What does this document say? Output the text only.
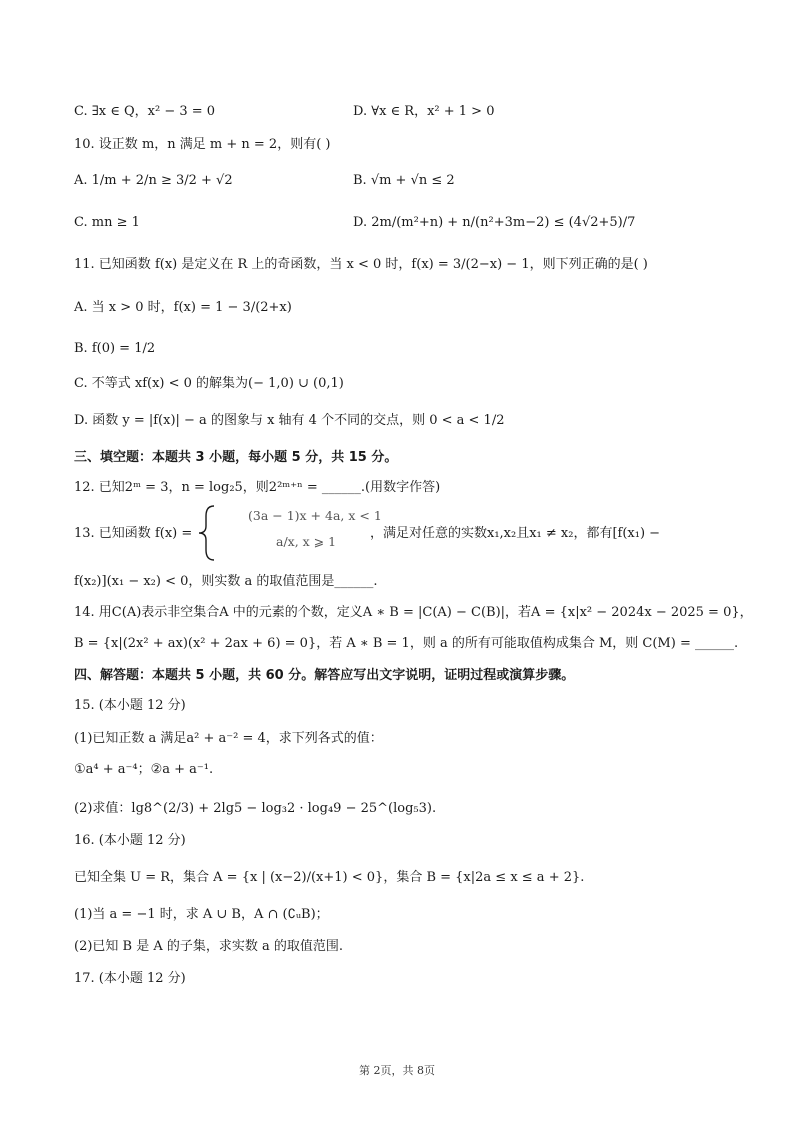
C. ∃x ∈ Q，x² − 3 = 0	D. ∀x ∈ R，x² + 1 > 0
10. 设正数 m，n 满足 m + n = 2，则有( )
A. 1/m + 2/n ≥ 3/2 + √2	B. √m + √n ≤ 2
C. mn ≥ 1	D. 2m/(m²+n) + n/(n²+3m−2) ≤ (4√2+5)/7
11. 已知函数 f(x) 是定义在 R 上的奇函数，当 x < 0 时，f(x) = 3/(2−x) − 1，则下列正确的是( )
A. 当 x > 0 时，f(x) = 1 − 3/(2+x)
B. f(0) = 1/2
C. 不等式 xf(x) < 0 的解集为(− 1,0) ∪ (0,1)
D. 函数 y = |f(x)| − a 的图象与 x 轴有 4 个不同的交点，则 0 < a < 1/2
三、填空题：本题共 3 小题，每小题 5 分，共 15 分。
12. 已知2ᵐ = 3，n = log₂5，则2²ᵐ⁺ⁿ = ______.(用数字作答)
13. 已知函数 f(x) =
(3a − 1)x + 4a, x < 1
a/x, x ⩾ 1
，满足对任意的实数x₁,x₂且x₁ ≠ x₂，都有[f(x₁) −
f(x₂)](x₁ − x₂) < 0，则实数 a 的取值范围是______.
14. 用C(A)表示非空集合A 中的元素的个数，定义A ∗ B = |C(A) − C(B)|，若A = {x|x² − 2024x − 2025 = 0}，
B = {x|(2x² + ax)(x² + 2ax + 6) = 0}，若 A ∗ B = 1，则 a 的所有可能取值构成集合 M，则 C(M) = ______.
四、解答题：本题共 5 小题，共 60 分。解答应写出文字说明，证明过程或演算步骤。
15. (本小题 12 分)
(1)已知正数 a 满足a² + a⁻² = 4，求下列各式的值：
①a⁴ + a⁻⁴；②a + a⁻¹.
(2)求值：lg8^(2/3) + 2lg5 − log₃2 · log₄9 − 25^(log₅3).
16. (本小题 12 分)
已知全集 U = R，集合 A = {x | (x−2)/(x+1) < 0}，集合 B = {x|2a ≤ x ≤ a + 2}.
(1)当 a = −1 时，求 A ∪ B，A ∩ (∁ᵤB)；
(2)已知 B 是 A 的子集，求实数 a 的取值范围.
17. (本小题 12 分)
第 2页，共 8页
